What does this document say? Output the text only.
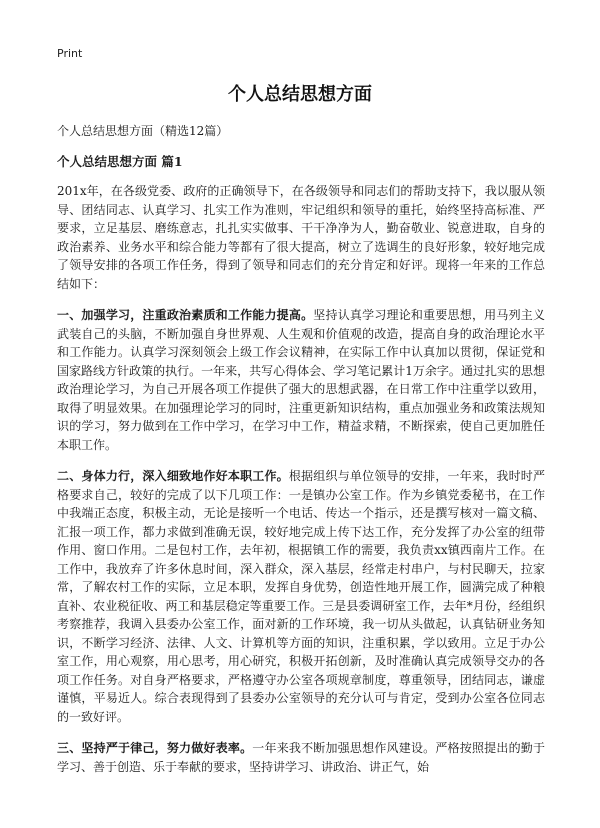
Print
个人总结思想方面
个人总结思想方面（精选12篇）
个人总结思想方面 篇1

201x年，在各级党委、政府的正确领导下，在各级领导和同志们的帮助支持下，我以服从领导、团结同志、认真学习、扎实工作为准则，牢记组织和领导的重托，始终坚持高标准、严要求，立足基层、磨练意志，扎扎实实做事、干干净净为人，勤奋敬业、锐意进取，自身的政治素养、业务水平和综合能力等都有了很大提高，树立了选调生的良好形象，较好地完成了领导安排的各项工作任务，得到了领导和同志们的充分肯定和好评。现将一年来的工作总结如下：

一、加强学习，注重政治素质和工作能力提高。坚持认真学习理论和重要思想，用马列主义武装自己的头脑，不断加强自身世界观、人生观和价值观的改造，提高自身的政治理论水平和工作能力。认真学习深刻领会上级工作会议精神，在实际工作中认真加以贯彻，保证党和国家路线方针政策的执行。一年来，共写心得体会、学习笔记累计1万余字。通过扎实的思想政治理论学习，为自己开展各项工作提供了强大的思想武器，在日常工作中注重学以致用，取得了明显效果。在加强理论学习的同时，注重更新知识结构，重点加强业务和政策法规知识的学习，努力做到在工作中学习，在学习中工作，精益求精，不断探索，使自己更加胜任本职工作。

二、身体力行，深入细致地作好本职工作。根据组织与单位领导的安排，一年来，我时时严格要求自己，较好的完成了以下几项工作：一是镇办公室工作。作为乡镇党委秘书，在工作中我端正态度，积极主动，无论是接听一个电话、传达一个指示，还是撰写核对一篇文稿、汇报一项工作，都力求做到准确无误，较好地完成上传下达工作，充分发挥了办公室的纽带作用、窗口作用。二是包村工作，去年初，根据镇工作的需要，我负责xx镇西南片工作。在工作中，我放弃了许多休息时间，深入群众，深入基层，经常走村串户，与村民聊天，拉家常，了解农村工作的实际，立足本职，发挥自身优势，创造性地开展工作，圆满完成了种粮直补、农业税征收、两工和基层稳定等重要工作。三是县委调研室工作，去年*月份，经组织考察推荐，我调入县委办公室工作，面对新的工作环境，我一切从头做起，认真钻研业务知识，不断学习经济、法律、人文、计算机等方面的知识，注重积累，学以致用。立足于办公室工作，用心观察，用心思考，用心研究，积极开拓创新，及时准确认真完成领导交办的各项工作任务。对自身严格要求，严格遵守办公室各项规章制度，尊重领导，团结同志，谦虚谨慎，平易近人。综合表现得到了县委办公室领导的充分认可与肯定，受到办公室各位同志的一致好评。

三、坚持严于律己，努力做好表率。一年来我不断加强思想作风建设。严格按照提出的勤于学习、善于创造、乐于奉献的要求，坚持讲学习、讲政治、讲正气，始
